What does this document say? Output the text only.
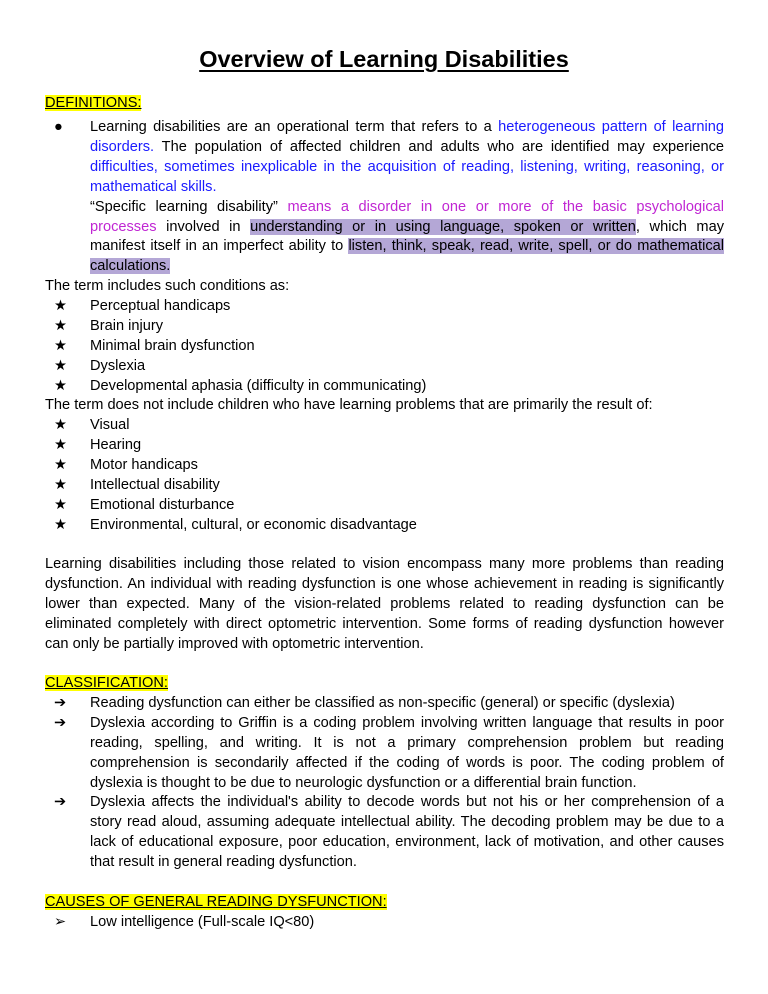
Overview of Learning Disabilities
DEFINITIONS:
● Learning disabilities are an operational term that refers to a heterogeneous pattern of learning
disorders. The population of affected children and adults who are identified may experience
difficulties, sometimes inexplicable in the acquisition of reading, listening, writing, reasoning, or
mathematical skills.
“Specific learning disability” means a disorder in one or more of the basic psychological
processes involved in understanding or in using language, spoken or written, which may
manifest itself in an imperfect ability to listen, think, speak, read, write, spell, or do mathematical
calculations.
The term includes such conditions as:
★	Perceptual handicaps
★	Brain injury
★	Minimal brain dysfunction
★	Dyslexia
★	Developmental aphasia (difficulty in communicating)
The term does not include children who have learning problems that are primarily the result of:
★	Visual
★	Hearing
★	Motor handicaps
★	Intellectual disability
★	Emotional disturbance
★	Environmental, cultural, or economic disadvantage
Learning disabilities including those related to vision encompass many more problems than reading
dysfunction. An individual with reading dysfunction is one whose achievement in reading is significantly
lower than expected. Many of the vision-related problems related to reading dysfunction can be
eliminated completely with direct optometric intervention. Some forms of reading dysfunction however
can only be partially improved with optometric intervention.
CLASSIFICATION:
➔ Reading dysfunction can either be classified as non-specific (general) or specific (dyslexia)
➔ Dyslexia according to Griffin is a coding problem involving written language that results in poor
reading, spelling, and writing. It is not a primary comprehension problem but reading
comprehension is secondarily affected if the coding of words is poor. The coding problem of
dyslexia is thought to be due to neurologic dysfunction or a differential brain function.
➔ Dyslexia affects the individual's ability to decode words but not his or her comprehension of a
story read aloud, assuming adequate intellectual ability. The decoding problem may be due to a
lack of educational exposure, poor education, environment, lack of motivation, and other causes
that result in general reading dysfunction.
CAUSES OF GENERAL READING DYSFUNCTION:
➢ Low intelligence (Full-scale IQ<80)
